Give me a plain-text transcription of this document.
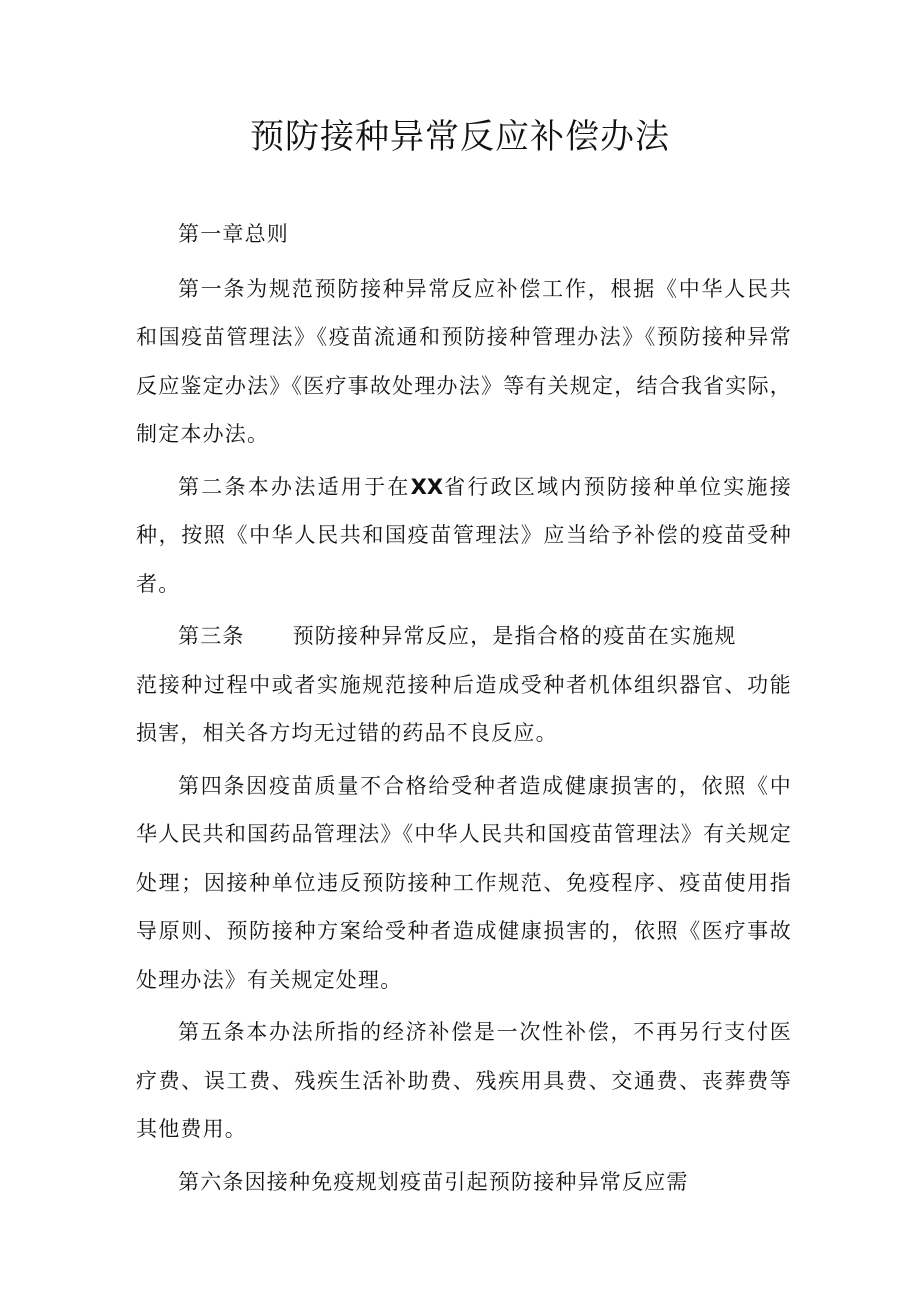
预防接种异常反应补偿办法

第一章总则

第一条为规范预防接种异常反应补偿工作，根据《中华人民共和国疫苗管理法》《疫苗流通和预防接种管理办法》《预防接种异常反应鉴定办法》《医疗事故处理办法》等有关规定，结合我省实际，制定本办法。

第二条本办法适用于在XX省行政区域内预防接种单位实施接种，按照《中华人民共和国疫苗管理法》应当给予补偿的疫苗受种者。

第三条 预防接种异常反应，是指合格的疫苗在实施规
范接种过程中或者实施规范接种后造成受种者机体组织器官、功能损害，相关各方均无过错的药品不良反应。

第四条因疫苗质量不合格给受种者造成健康损害的，依照《中华人民共和国药品管理法》《中华人民共和国疫苗管理法》有关规定处理；因接种单位违反预防接种工作规范、免疫程序、疫苗使用指导原则、预防接种方案给受种者造成健康损害的，依照《医疗事故处理办法》有关规定处理。

第五条本办法所指的经济补偿是一次性补偿，不再另行支付医疗费、误工费、残疾生活补助费、残疾用具费、交通费、丧葬费等其他费用。

第六条因接种免疫规划疫苗引起预防接种异常反应需
